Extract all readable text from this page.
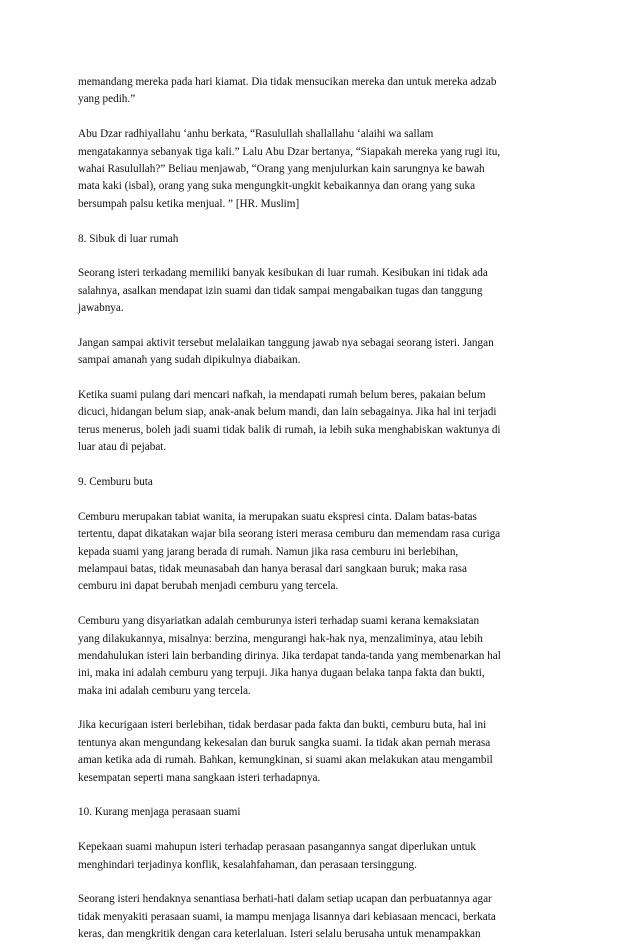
memandang mereka pada hari kiamat. Dia tidak mensucikan mereka dan untuk mereka adzab
yang pedih.”
Abu Dzar radhiyallahu ‘anhu berkata, “Rasulullah shallallahu ‘alaihi wa sallam
mengatakannya sebanyak tiga kali.” Lalu Abu Dzar bertanya, “Siapakah mereka yang rugi itu,
wahai Rasulullah?” Beliau menjawab, “Orang yang menjulurkan kain sarungnya ke bawah
mata kaki (isbal), orang yang suka mengungkit-ungkit kebaikannya dan orang yang suka
bersumpah palsu ketika menjual. ” [HR. Muslim]
8. Sibuk di luar rumah
Seorang isteri terkadang memiliki banyak kesibukan di luar rumah. Kesibukan ini tidak ada
salahnya, asalkan mendapat izin suami dan tidak sampai mengabaikan tugas dan tanggung
jawabnya.
Jangan sampai aktivit tersebut melalaikan tanggung jawab nya sebagai seorang isteri. Jangan
sampai amanah yang sudah dipikulnya diabaikan.
Ketika suami pulang dari mencari nafkah, ia mendapati rumah belum beres, pakaian belum
dicuci, hidangan belum siap, anak-anak belum mandi, dan lain sebagainya. Jika hal ini terjadi
terus menerus, boleh jadi suami tidak balik di rumah, ia lebih suka menghabiskan waktunya di
luar atau di pejabat.
9. Cemburu buta
Cemburu merupakan tabiat wanita, ia merupakan suatu ekspresi cinta. Dalam batas-batas
tertentu, dapat dikatakan wajar bila seorang isteri merasa cemburu dan memendam rasa curiga
kepada suami yang jarang berada di rumah. Namun jika rasa cemburu ini berlebihan,
melampaui batas, tidak meunasabah dan hanya berasal dari sangkaan buruk; maka rasa
cemburu ini dapat berubah menjadi cemburu yang tercela.
Cemburu yang disyariatkan adalah cemburunya isteri terhadap suami kerana kemaksiatan
yang dilakukannya, misalnya: berzina, mengurangi hak-hak nya, menzaliminya, atau lebih
mendahulukan isteri lain berbanding dirinya. Jika terdapat tanda-tanda yang membenarkan hal
ini, maka ini adalah cemburu yang terpuji. Jika hanya dugaan belaka tanpa fakta dan bukti,
maka ini adalah cemburu yang tercela.
Jika kecurigaan isteri berlebihan, tidak berdasar pada fakta dan bukti, cemburu buta, hal ini
tentunya akan mengundang kekesalan dan buruk sangka suami. Ia tidak akan pernah merasa
aman ketika ada di rumah. Bahkan, kemungkinan, si suami akan melakukan atau mengambil
kesempatan seperti mana sangkaan isteri terhadapnya.
10. Kurang menjaga perasaan suami
Kepekaan suami mahupun isteri terhadap perasaan pasangannya sangat diperlukan untuk
menghindari terjadinya konflik, kesalahfahaman, dan perasaan tersinggung.
Seorang isteri hendaknya senantiasa berhati-hati dalam setiap ucapan dan perbuatannya agar
tidak menyakiti perasaan suami, ia mampu menjaga lisannya dari kebiasaan mencaci, berkata
keras, dan mengkritik dengan cara keterlaluan. Isteri selalu berusaha untuk menampakkan
